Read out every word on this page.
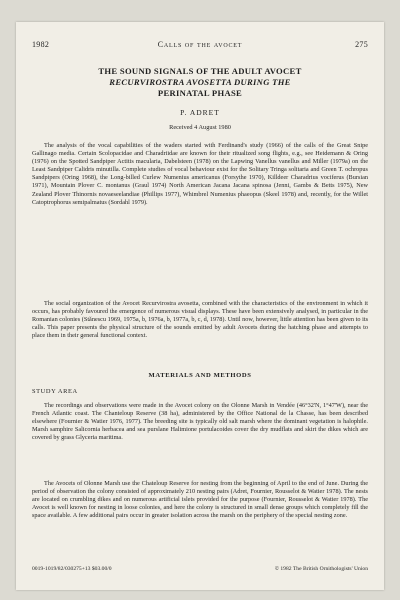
1982	Calls of the avocet	275
THE SOUND SIGNALS OF THE ADULT AVOCET
RECURVIROSTRA AVOSETTA DURING THE
PERINATAL PHASE
P. ADRET
Received 4 August 1980

The analysis of the vocal capabilities of the waders started with Ferdinand's study (1966) of the calls of the Great Snipe Gallinago media. Certain Scolopacidae and Charadriidae are known for their ritualized song flights, e.g., see Heidemann & Oring (1976) on the Spotted Sandpiper Actitis macularia, Dabelsteen (1978) on the Lapwing Vanellus vanellus and Miller (1979a) on the Least Sandpiper Calidris minutilla. Complete studies of vocal behaviour exist for the Solitary Tringa solitaria and Green T. ochropus Sandpipers (Oring 1968), the Long-billed Curlew Numenius americanus (Forsythe 1970), Killdeer Charadrius vociferus (Bursian 1971), Mountain Plover C. montanus (Graul 1974) North American Jacana Jacana spinosa (Jenni, Gambs & Betts 1975), New Zealand Plover Thinornis novaeseelandiae (Phillips 1977), Whimbrel Numenius phaeopus (Skeel 1978) and, recently, for the Willet Catoptrophorus semipalmatus (Sordahl 1979).

The social organization of the Avocet Recurvirostra avosetta, combined with the characteristics of the environment in which it occurs, has probably favoured the emergence of numerous visual displays. These have been extensively analysed, in particular in the Romanian colonies (Stănescu 1969, 1975a, b, 1976a, b, 1977a, b, c, d, 1978). Until now, however, little attention has been given to its calls. This paper presents the physical structure of the sounds emitted by adult Avocets during the hatching phase and attempts to place them in their general functional context.

MATERIALS AND METHODS
STUDY AREA

The recordings and observations were made in the Avocet colony on the Olonne Marsh in Vendée (46°32'N, 1°47'W), near the French Atlantic coast. The Chanteloup Reserve (38 ha), administered by the Office National de la Chasse, has been described elsewhere (Fournier & Watier 1976, 1977). The breeding site is typically old salt marsh where the dominant vegetation is halophile. Marsh samphire Salicornia herbacea and sea purslane Halimione portulacoides cover the dry mudflats and skirt the dikes which are covered by grass Glyceria maritima.

The Avocets of Olonne Marsh use the Chateloup Reserve for nesting from the beginning of April to the end of June. During the period of observation the colony consisted of approximately 210 nesting pairs (Adret, Fournier, Rousselot & Watier 1978). The nests are located on crumbling dikes and on numerous artificial islets provided for the purpose (Fournier, Rousselot & Watier 1978). The Avocet is well known for nesting in loose colonies, and here the colony is structured in small dense groups which completely fill the space available. A few additional pairs occur in greater isolation across the marsh on the periphery of the special nesting zone.

0019-1019/82/030275+13 $03.00/0	© 1982 The British Ornithologists' Union
